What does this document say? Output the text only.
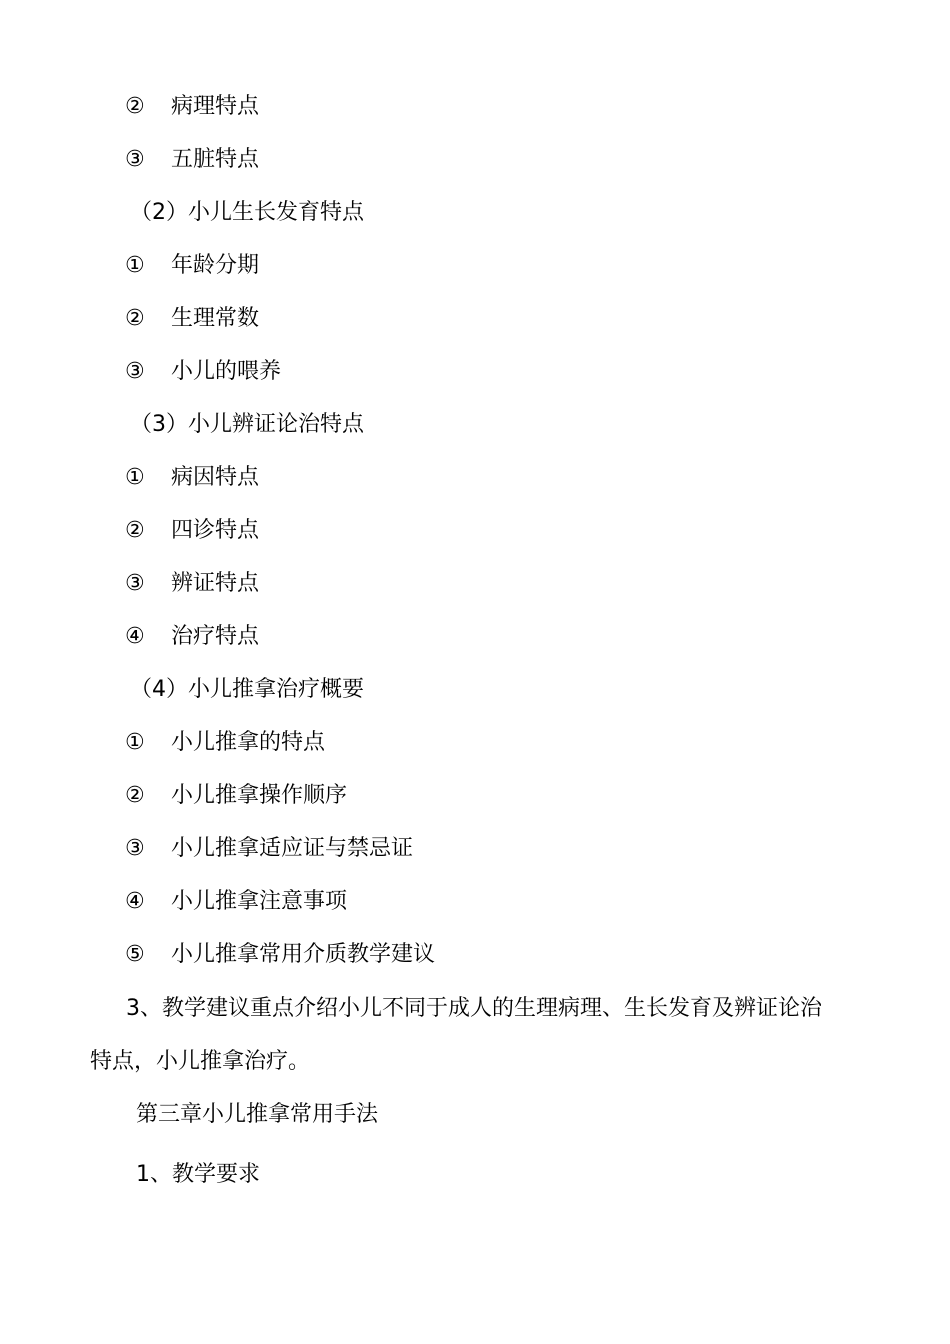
② 病理特点
③ 五脏特点
（2）小儿生长发育特点
① 年龄分期
② 生理常数
③ 小儿的喂养
（3）小儿辨证论治特点
① 病因特点
② 四诊特点
③ 辨证特点
④ 治疗特点
（4）小儿推拿治疗概要
① 小儿推拿的特点
② 小儿推拿操作顺序
③ 小儿推拿适应证与禁忌证
④ 小儿推拿注意事项
⑤ 小儿推拿常用介质教学建议
3、教学建议重点介绍小儿不同于成人的生理病理、生长发育及辨证论治
特点，小儿推拿治疗。
第三章小儿推拿常用手法
1、教学要求
